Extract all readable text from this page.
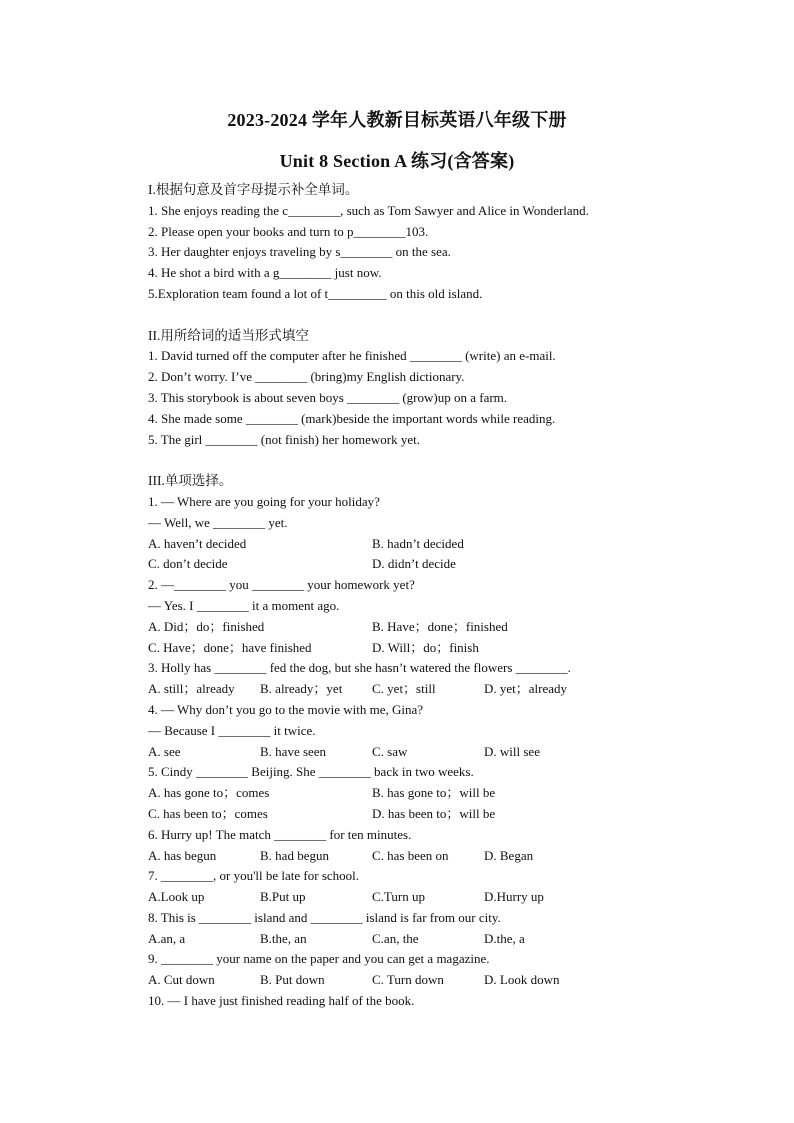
2023-2024 学年人教新目标英语八年级下册
Unit 8 Section A 练习(含答案)
I.根据句意及首字母提示补全单词。
1. She enjoys reading the c________, such as Tom Sawyer and Alice in Wonderland.
2. Please open your books and turn to p________103.
3. Her daughter enjoys traveling by s________ on the sea.
4. He shot a bird with a g________ just now.
5.Exploration team found a lot of t_________ on this old island.
II.用所给词的适当形式填空
1. David turned off the computer after he finished ________ (write) an e-mail.
2. Don’t worry. I’ve ________ (bring)my English dictionary.
3. This storybook is about seven boys ________ (grow)up on a farm.
4. She made some ________ (mark)beside the important words while reading.
5. The girl ________ (not finish) her homework yet.
III.单项选择。
1. — Where are you going for your holiday?
— Well, we ________ yet.
A. haven’t decided	B. hadn’t decided
C. don’t decide	D. didn’t decide
2. —________ you ________ your homework yet?
— Yes. I ________ it a moment ago.
A. Did；do；finished	B. Have；done；finished
C. Have；done；have finished	D. Will；do；finish
3. Holly has ________ fed the dog, but she hasn’t watered the flowers ________.
A. still；already	B. already；yet	C. yet；still	D. yet；already
4. — Why don’t you go to the movie with me, Gina?
— Because I ________ it twice.
A. see	B. have seen	C. saw	D. will see
5. Cindy ________ Beijing. She ________ back in two weeks.
A. has gone to；comes	B. has gone to；will be
C. has been to；comes	D. has been to；will be
6. Hurry up! The match ________ for ten minutes.
A. has begun	B. had begun	C. has been on	D. Began
7. ________, or you'll be late for school.
A.Look up	B.Put up	C.Turn up	D.Hurry up
8. This is ________ island and ________ island is far from our city.
A.an, a	B.the, an	C.an, the	D.the, a
9. ________ your name on the paper and you can get a magazine.
A. Cut down	B. Put down	C. Turn down	D. Look down
10. — I have just finished reading half of the book.
